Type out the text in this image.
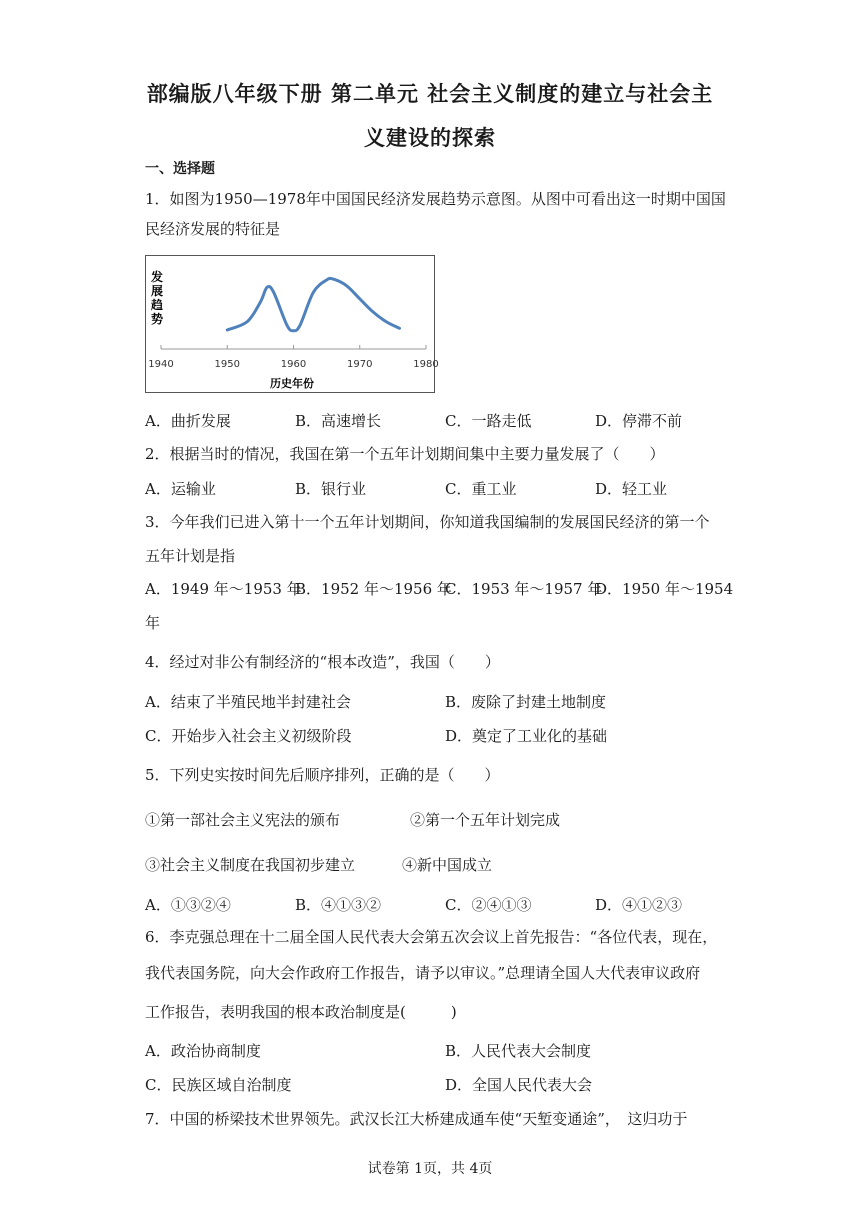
部编版八年级下册 第二单元 社会主义制度的建立与社会主
义建设的探索
一、选择题
1．如图为1950—1978年中国国民经济发展趋势示意图。从图中可看出这一时期中国国
民经济发展的特征是
1940	1950	1960	1970	1980
历史年份
发
展
趋
势
A．曲折发展	B．高速增长	C．一路走低	D．停滞不前
2．根据当时的情况，我国在第一个五年计划期间集中主要力量发展了（　　）
A．运输业	B．银行业	C．重工业	D．轻工业
3．今年我们已进入第十一个五年计划期间，你知道我国编制的发展国民经济的第一个
五年计划是指
A．1949 年～1953 年
B．1952 年～1956 年
C．1953 年～1957 年
D．1950 年～1954
年
4．经过对非公有制经济的“根本改造”，我国（　　）
A．结束了半殖民地半封建社会	B．废除了封建土地制度
C．开始步入社会主义初级阶段	D．奠定了工业化的基础
5．下列史实按时间先后顺序排列，正确的是（　　）
①第一部社会主义宪法的颁布	②第一个五年计划完成
③社会主义制度在我国初步建立	④新中国成立
A．①③②④	B．④①③②	C．②④①③	D．④①②③
6．李克强总理在十二届全国人民代表大会第五次会议上首先报告：“各位代表，现在，
我代表国务院，向大会作政府工作报告，请予以审议。”总理请全国人大代表审议政府
工作报告，表明我国的根本政治制度是(　　　)
A．政治协商制度	B．人民代表大会制度
C．民族区域自治制度	D．全国人民代表大会
7．中国的桥梁技术世界领先。武汉长江大桥建成通车使“天堑变通途”，　这归功于
试卷第 1页，共 4页
